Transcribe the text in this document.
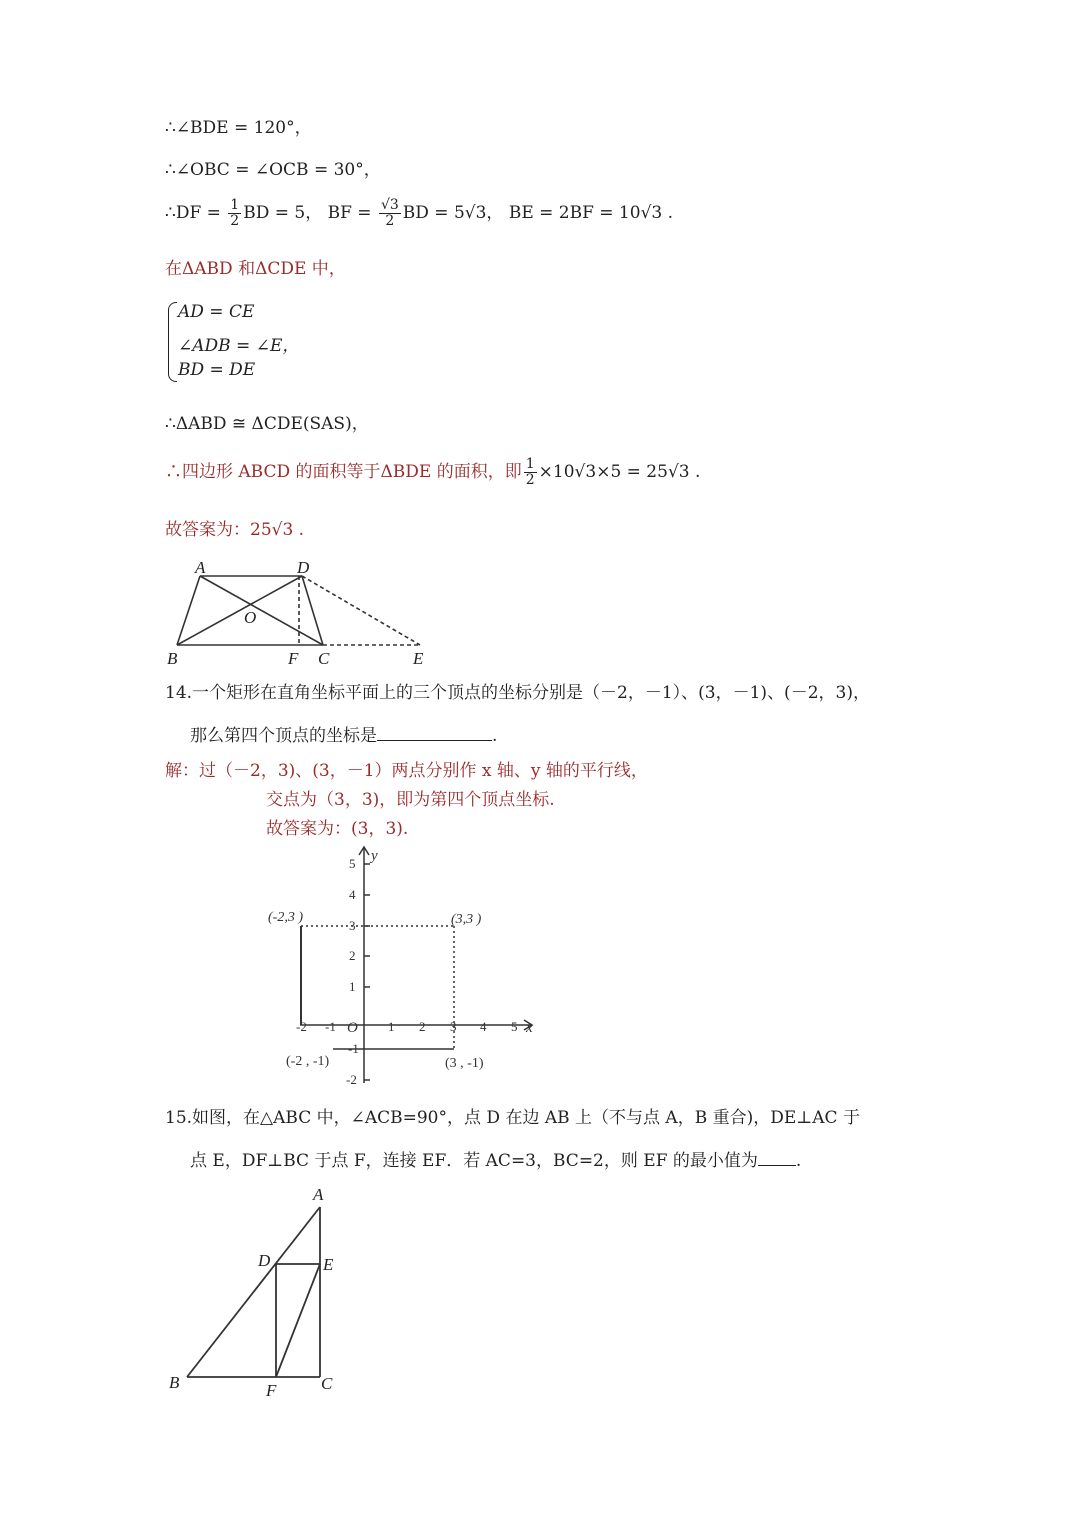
∴∠BDE = 120°，
∴∠OBC = ∠OCB = 30°，
∴DF = $\frac{1}{2}$ BD = 5， BF = $\frac{√3}{2}$ BD = 5√3， BE = 2BF = 10√3 .
在ΔABD 和ΔCDE 中，
AD = CE
∠ADB = ∠E，
BD = DE
∴ΔABD ≅ ΔCDE(SAS)，
∴四边形 ABCD 的面积等于ΔBDE 的面积，即 $\frac{1}{2} \times 10√3\times 5 = 25√3$ .
故答案为：25√3 .
14.一个矩形在直角坐标平面上的三个顶点的坐标分别是（－2，－1）、(3，－1)、(－2，3)，
那么第四个顶点的坐标是	.
解：过（－2，3)、(3，－1）两点分别作 x 轴、y 轴的平行线，
交点为（3，3)，即为第四个顶点坐标.
故答案为：(3，3).
15.如图，在△ABC 中，∠ACB=90°，点 D 在边 AB 上（不与点 A，B 重合)，DE⊥AC 于
点 E，DF⊥BC 于点 F，连接 EF．若 AC=3，BC=2，则 EF 的最小值为 .
A	D
O
B	F C	E
-2 -1	1 2 3 4 5
5
4
3
2
1
-1
-2
O	x
y
(-2,3 )	(3,3 )
(-2 , -1)	(3 , -1)
A
D	E
B	F	C
